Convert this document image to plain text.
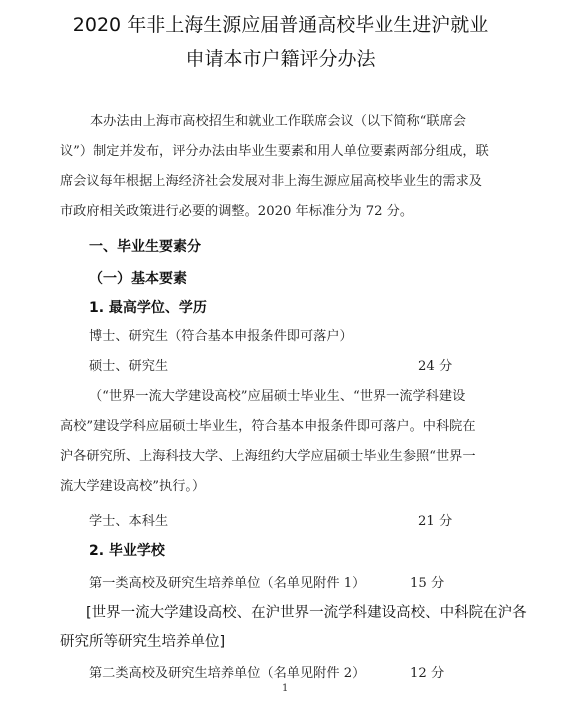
2020 年非上海生源应届普通高校毕业生进沪就业
申请本市户籍评分办法
本办法由上海市高校招生和就业工作联席会议（以下简称“联席会
议”）制定并发布，评分办法由毕业生要素和用人单位要素两部分组成，联
席会议每年根据上海经济社会发展对非上海生源应届高校毕业生的需求及
市政府相关政策进行必要的调整。2020 年标准分为 72 分。
一、毕业生要素分
（一）基本要素
1. 最高学位、学历
博士、研究生（符合基本申报条件即可落户）
硕士、研究生	24 分
（“世界一流大学建设高校”应届硕士毕业生、“世界一流学科建设
高校”建设学科应届硕士毕业生，符合基本申报条件即可落户。中科院在
沪各研究所、上海科技大学、上海纽约大学应届硕士毕业生参照“世界一
流大学建设高校”执行。）
学士、本科生	21 分
2. 毕业学校
第一类高校及研究生培养单位（名单见附件 1）	15 分
[世界一流大学建设高校、在沪世界一流学科建设高校、中科院在沪各
研究所等研究生培养单位]
第二类高校及研究生培养单位（名单见附件 2）	12 分
1
